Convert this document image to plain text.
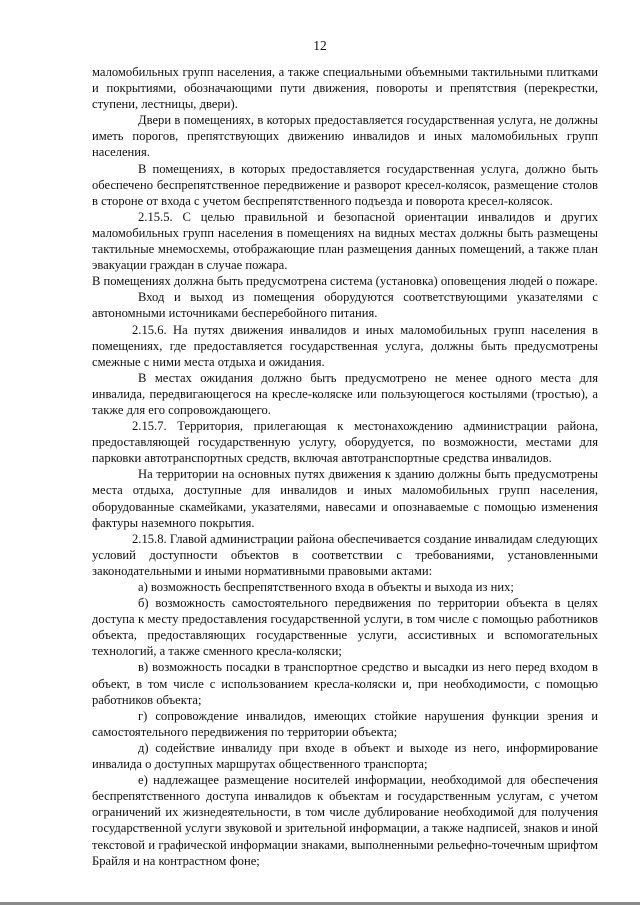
12

маломобильных групп населения, а также специальными объемными тактильными плитками и покрытиями, обозначающими пути движения, повороты и препятствия (перекрестки, ступени, лестницы, двери).

Двери в помещениях, в которых предоставляется государственная услуга, не должны иметь порогов, препятствующих движению инвалидов и иных маломобильных групп населения.

В помещениях, в которых предоставляется государственная услуга, должно быть обеспечено беспрепятственное передвижение и разворот кресел-колясок, размещение столов в стороне от входа с учетом беспрепятственного подъезда и поворота кресел-колясок.

2.15.5. С целью правильной и безопасной ориентации инвалидов и других маломобильных групп населения в помещениях на видных местах должны быть размещены тактильные мнемосхемы, отображающие план размещения данных помещений, а также план эвакуации граждан в случае пожара.

В помещениях должна быть предусмотрена система (установка) оповещения людей о пожаре.

Вход и выход из помещения оборудуются соответствующими указателями с автономными источниками бесперебойного питания.

2.15.6. На путях движения инвалидов и иных маломобильных групп населения в помещениях, где предоставляется государственная услуга, должны быть предусмотрены смежные с ними места отдыха и ожидания.

В местах ожидания должно быть предусмотрено не менее одного места для инвалида, передвигающегося на кресле-коляске или пользующегося костылями (тростью), а также для его сопровождающего.

2.15.7. Территория, прилегающая к местонахождению администрации района, предоставляющей государственную услугу, оборудуется, по возможности, местами для парковки автотранспортных средств, включая автотранспортные средства инвалидов.

На территории на основных путях движения к зданию должны быть предусмотрены места отдыха, доступные для инвалидов и иных маломобильных групп населения, оборудованные скамейками, указателями, навесами и опознаваемые с помощью изменения фактуры наземного покрытия.

2.15.8. Главой администрации района обеспечивается создание инвалидам следующих условий доступности объектов в соответствии с требованиями, установленными законодательными и иными нормативными правовыми актами:

а) возможность беспрепятственного входа в объекты и выхода из них;

б) возможность самостоятельного передвижения по территории объекта в целях доступа к месту предоставления государственной услуги, в том числе с помощью работников объекта, предоставляющих государственные услуги, ассистивных и вспомогательных технологий, а также сменного кресла-коляски;

в) возможность посадки в транспортное средство и высадки из него перед входом в объект, в том числе с использованием кресла-коляски и, при необходимости, с помощью работников объекта;

г) сопровождение инвалидов, имеющих стойкие нарушения функции зрения и самостоятельного передвижения по территории объекта;

д) содействие инвалиду при входе в объект и выходе из него, информирование инвалида о доступных маршрутах общественного транспорта;

е) надлежащее размещение носителей информации, необходимой для обеспечения беспрепятственного доступа инвалидов к объектам и государственным услугам, с учетом ограничений их жизнедеятельности, в том числе дублирование необходимой для получения государственной услуги звуковой и зрительной информации, а также надписей, знаков и иной текстовой и графической информации знаками, выполненными рельефно-точечным шрифтом Брайля и на контрастном фоне;
